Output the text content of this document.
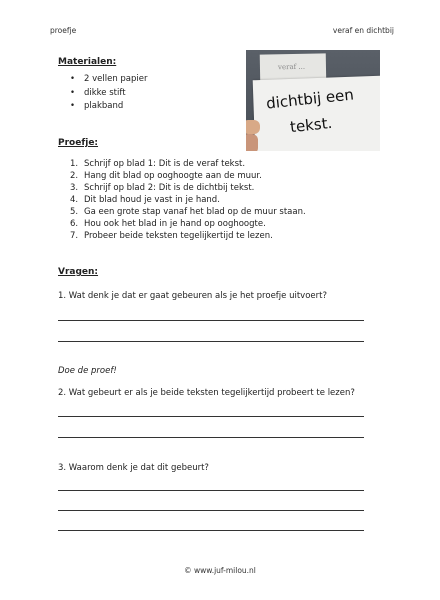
proefje	veraf en dichtbij
Materialen:
• 2 vellen papier
• dikke stift
• plakband
veraf ...
dichtbij een
tekst.
Proefje:
1. Schrijf op blad 1: Dit is de veraf tekst.
2. Hang dit blad op ooghoogte aan de muur.
3. Schrijf op blad 2: Dit is de dichtbij tekst.
4. Dit blad houd je vast in je hand.
5. Ga een grote stap vanaf het blad op de muur staan.
6. Hou ook het blad in je hand op ooghoogte.
7. Probeer beide teksten tegelijkertijd te lezen.
Vragen:
1. Wat denk je dat er gaat gebeuren als je het proefje uitvoert?
Doe de proef!
2. Wat gebeurt er als je beide teksten tegelijkertijd probeert te lezen?
3. Waarom denk je dat dit gebeurt?
© www.juf-milou.nl
